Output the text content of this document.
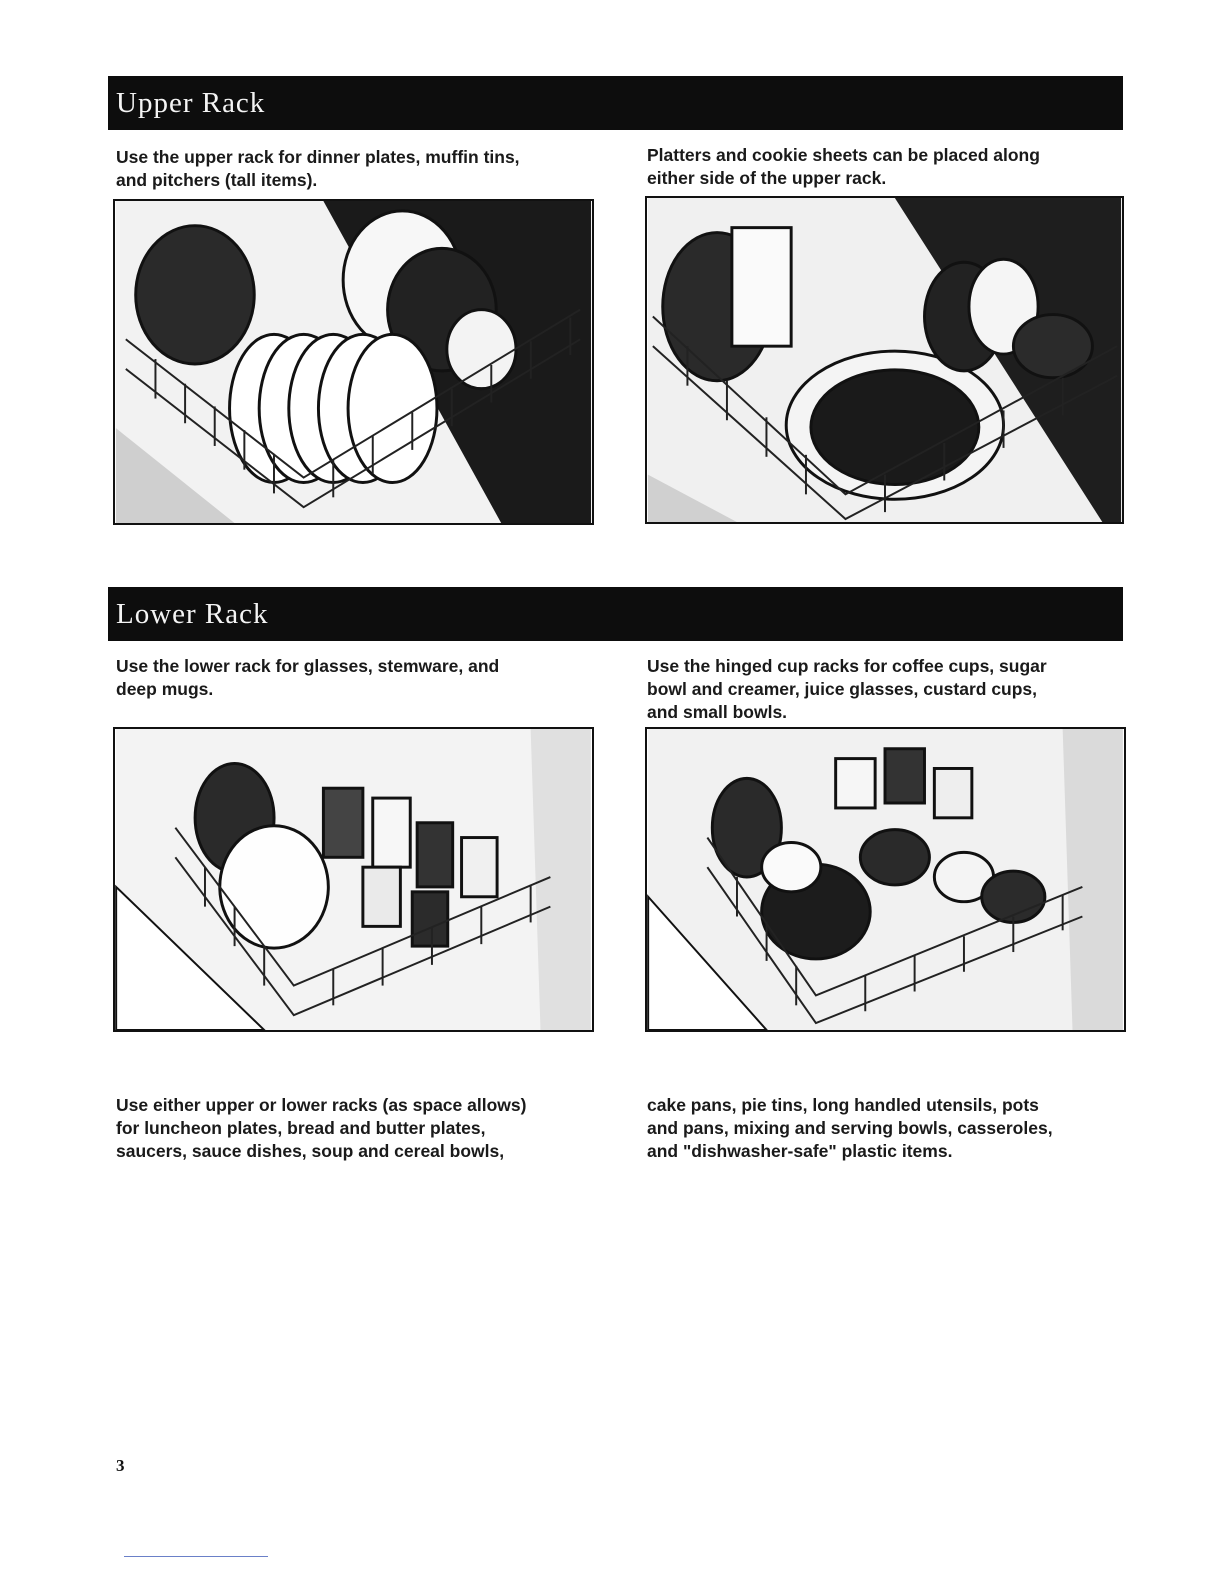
Upper Rack
Use the upper rack for dinner plates, muffin tins,
and pitchers (tall items).
Platters and cookie sheets can be placed along
either side of the upper rack.
Lower Rack
Use the lower rack for glasses, stemware, and
deep mugs.
Use the hinged cup racks for coffee cups, sugar
bowl and creamer, juice glasses, custard cups,
and small bowls.
Use either upper or lower racks (as space allows)
for luncheon plates, bread and butter plates,
saucers, sauce dishes, soup and cereal bowls,
cake pans, pie tins, long handled utensils, pots
and pans, mixing and serving bowls, casseroles,
and "dishwasher-safe" plastic items.
3
